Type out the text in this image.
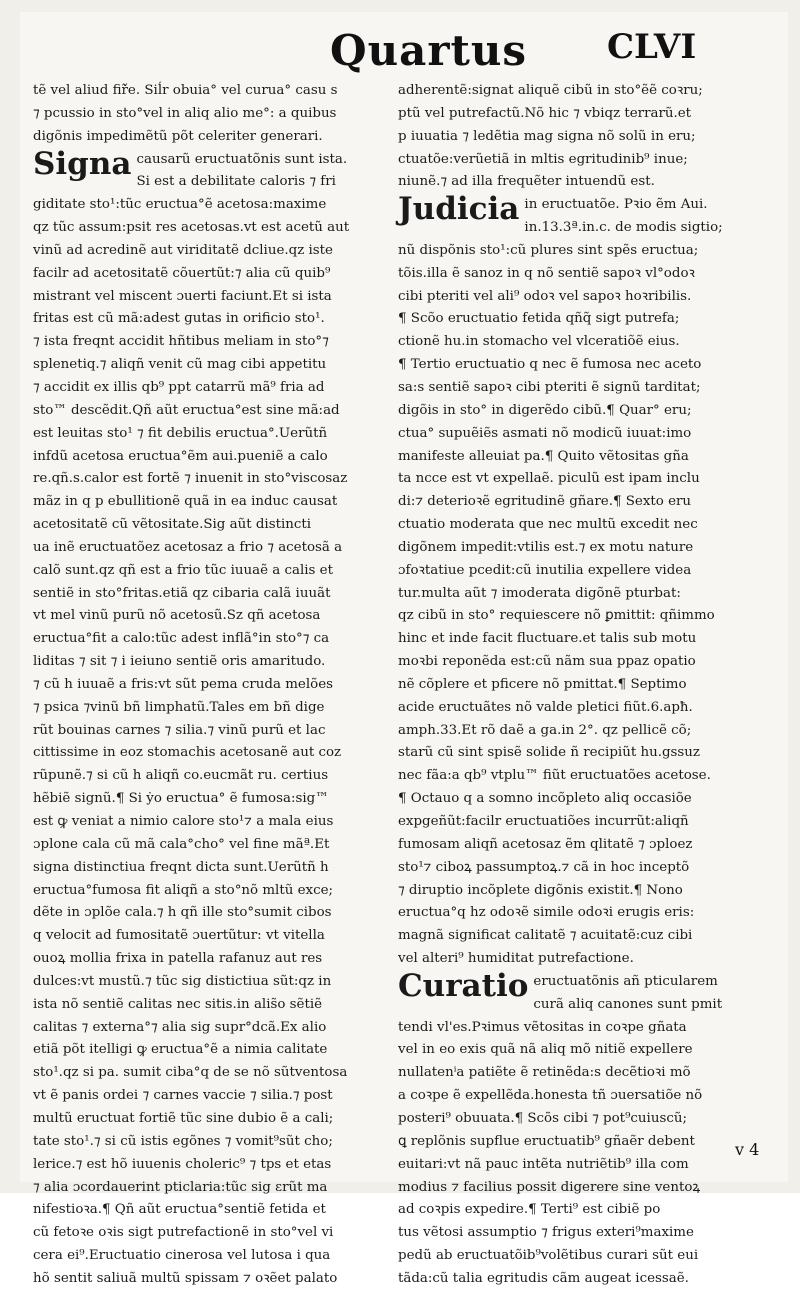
Quartus CLVI
tẽ vel aliud fiř̃e. Siĺr obuia° vel curua° casu s
⁊ pcussio in sto°vel in aliq alio me°: a quibus
digõnis impedimẽtũ põt celeriter generari.
Signa causarũ eructuatõnis sunt ista.
Si est a debilitate caloris ⁊ fri
giditate sto¹:tũc eructua°ẽ acetosa:maxime
qz tũc assum:psit res acetosas.vt est acetũ aut
vinũ ad acredinẽ aut viriditatẽ dcliue.qz iste
facilr ad acetositatẽ cõuertũt:⁊ alia cũ quib⁹
mistrant vel miscent ɔuerti faciunt.Et si ista
fritas est cũ mã:adest ɡutas in orificio sto¹.
⁊ ista freqnt accidit hñtibus meliam in sto°⁊
splenetiq.⁊ aliqñ venit cũ mag cibi appetitu
⁊ accidit ex illis qb⁹ ppt catarrũ mã⁹ fria ad
sto™ descẽdit.Qñ aũt eructua°est sine mã:ad
est leuitas sto¹ ⁊ fit debilis eructua°.Uerũtñ
infdũ acetosa eructua°ẽm aui.pueniẽ a calo
re.qñ.s.calor est fortẽ ⁊ inuenit in sto°viscosaz
mãz in q p ebullitionẽ quã in ea induc causat
acetositatẽ cũ vẽtositate.Sig aũt distincti
ua inẽ eructuatõez acetosaz a frio ⁊ acetosã a
calõ sunt.qz qñ est a frio tũc iuuaẽ a calis et
sentiẽ in sto°fritas.etiã qz cibaria calã iuuãt
vt mel vinũ purũ nõ acetosũ.Sz qñ acetosa
eructua°fit a calo:tũc adest inflã°in sto°⁊ ca
liditas ⁊ sit ⁊ i ieiuno sentiẽ oris amaritudo.
⁊ cũ h iuuaẽ a fris:vt sũt pema cruda melões
⁊ psica ⁊vinũ bñ limphatũ.Tales em bñ dige
rũt bouinas carnes ⁊ silia.⁊ vinũ purũ et lac
cittissime in eoz stomachis acetosanẽ aut coz
rũpunẽ.⁊ si cũ h aliqñ co.eucmãt ru. certius
hẽbiẽ signũ.¶ Si ẏo eructua° ẽ fumosa:sig™
est ꝙ veniat a nimio calore sto¹⁊ a mala eius
ɔplone cala cũ mã cala°cho° vel fine mãª.Et
signa distinctiua freqnt dicta sunt.Uerũtñ h
eructua°fumosa fit aliqñ a sto°nõ mltũ exce;
dẽte in ɔplõe cala.⁊ h qñ ille sto°sumit cibos
q velocit ad fumositatẽ ɔuertũtur: vt vitella
ouoꝝ mollia frixa in patella rafanuz aut res
dulces:vt mustũ.⁊ tũc sig distictiua sũt:qz in
ista nõ sentiẽ calitas nec sitis.in alis̃o sẽtiẽ
calitas ⁊ externa°⁊ alia sig supr°dcã.Ex alio
etiã põt itelligi ꝙ eructua°ẽ a nimia calitate
sto¹.qz si pa. sumit ciba°q de se nõ sũtventosa
vt ẽ panis ordei ⁊ carnes vaccie ⁊ silia.⁊ post
multũ eructuat fortiẽ tũc sine dubio ẽ a cali;
tate sto¹.⁊ si cũ istis egõnes ⁊ vomit⁹sũt cho;
lerice.⁊ est hõ iuuenis choleric⁹ ⁊ tps et etas
⁊ alia ɔcordauerint pticlaria:tũc sig ɛrũt ma
nifestioꝛa.¶ Qñ aũt eructua°sentiẽ fetida et
cũ fetoꝛe oꝛis sigt putrefactionẽ in sto°vel vi
cera ei⁹.Eructuatio cinerosa vel lutosa i qua
hõ sentit saliuã multũ spissam ⁊ oꝛẽet palato
adherentẽ:signat aliquẽ cibũ in sto°ẽẽ coꝛru;
ptũ vel putrefactũ.Nõ hic ⁊ vbiqz terrarũ.et
p iuuatia ⁊ ledẽtia mag signa nõ solũ in eru;
ctuatõe:verũetiã in mltis egritudinib⁹ inue;
niunẽ.⁊ ad illa frequẽter intuendũ est.
Judicia in eructuatõe. Pꝛio ẽm Aui.
in.13.3ª.in.c. de modis sigtio;
nũ dispõnis sto¹:cũ plures sint spẽs eructua;
tõis.illa ẽ sanoz in q nõ sentiẽ sapoꝛ vl°odoꝛ
cibi pteriti vel ali⁹ odoꝛ vel sapoꝛ hoꝛribilis.
¶ Scõo eructuatio fetida qñq̃ sigt putrefa;
ctionẽ hu.in stomacho vel vlceratiõẽ eius.
¶ Tertio eructuatio q nec ẽ fumosa nec aceto
sa:s sentiẽ sapoꝛ cibi pteriti ẽ signũ tarditat;
digõis in sto° in digerẽdo cibũ.¶ Quar° eru;
ctua° supuẽiẽs asmati nõ modicũ iuuat:imo
manifeste alleuiat pa.¶ Quito vẽtositas gña
ta ncce est vt expellaẽ. piculũ est ipam inclu
di:⁊ deterioꝛẽ egritudinẽ gñare.¶ Sexto eru
ctuatio moderata que nec multũ excedit nec
digõnem impedit:vtilis est.⁊ ex motu nature
ɔfoꝛtatiue pcedit:cũ inutilia expellere videa
tur.multa aũt ⁊ imoderata digõnẽ pturbat:
qz cibũ in sto° requiescere nõ ꝑmittit: qñimmo
hinc et inde facit fluctuare.et talis sub motu
moꝛbi reponẽda est:cũ nãm sua ppaz opatio
nẽ cõplere et pficere nõ pmittat.¶ Septimo
acide eructuãtes nõ valde pletici fiũt.6.apħ.
amph.33.Et rõ daẽ a ga.in 2°. qz pellicẽ cõ;
starũ cũ sint spisẽ solide ñ recipiũt hu.gssuz
nec fãa:a qb⁹ vtplu™ fiũt eructuatões acetose.
¶ Octauo q a somno incõpleto aliq occasiõe
expgeñũt:facilr eructuatiões incurrũt:aliqñ
fumosam aliqñ acetosaz ẽm qlitatẽ ⁊ ɔploez
sto¹⁊ ciboꝝ passumptoꝝ.⁊ cã in hoc inceptõ
⁊ diruptio incõplete digõnis existit.¶ Nono
eructua°q hz odoꝛẽ simile odoꝛi erugis eris:
magnã significat calitatẽ ⁊ acuitatẽ:cuz cibi
vel alteri⁹ humiditat putrefactione.
Curatio eructuatõnis añ pticularem
curã aliq canones sunt pmit
tendi vl'es.Pꝛimus vẽtositas in coꝛpe gñata
vel in eo exis quã nã aliq mõ nitiẽ expellere
nullatenⁱa patiẽte ẽ retinẽda:s decẽtioꝛi mõ
a coꝛpe ẽ expellẽda.honesta tñ ɔuersatiõe nõ
posteri⁹ obuuata.¶ Scõs cibi ⁊ pot⁹cuiuscũ;
ꝗ replõnis supflue eructuatib⁹ gñaẽr debent
euitari:vt nã pauc intẽta nutriẽtib⁹ illa com
modius ⁊ facilius possit digerere sine ventoꝝ
ad coꝛpis expedire.¶ Terti⁹ est cibiẽ po
tus vẽtosi assumptio ⁊ frigus exteri⁹maxime
pedũ ab eructuatõib⁹volẽtibus curari sũt eui
tãda:cũ talia egritudis cãm augeat icessaẽ.
v 4
